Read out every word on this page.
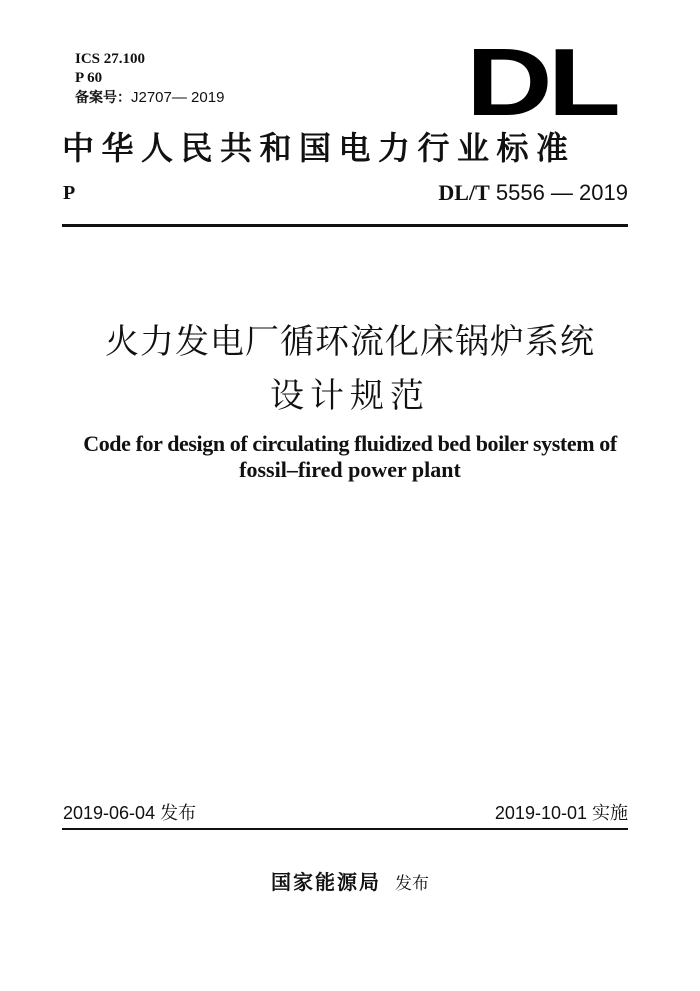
ICS 27.100
P 60
备案号：J2707— 2019	DL
中华人民共和国电力行业标准
P	DL/T 5556 — 2019
火力发电厂循环流化床锅炉系统
设计规范
Code for design of circulating fluidized bed boiler system of
fossil–fired power plant
2019-06-04 发布	2019-10-01 实施
国家能源局 发布
